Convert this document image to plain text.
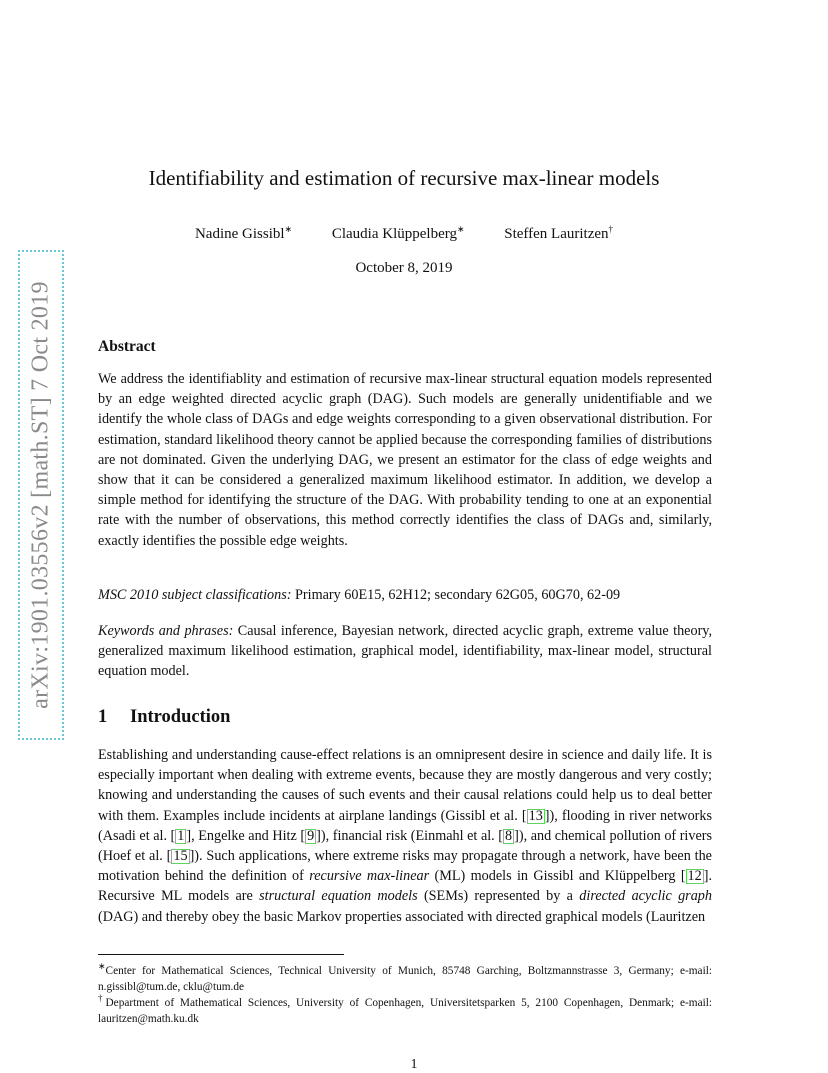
arXiv:1901.03556v2 [math.ST] 7 Oct 2019
Identifiability and estimation of recursive max-linear models
Nadine Gissibl∗	Claudia Klüppelberg∗	Steffen Lauritzen†
October 8, 2019
Abstract
We address the identifiablity and estimation of recursive max-linear structural equation models represented by an edge weighted directed acyclic graph (DAG). Such models are generally unidentifiable and we identify the whole class of DAGs and edge weights corresponding to a given observational distribution. For estimation, standard likelihood theory cannot be applied because the corresponding families of distributions are not dominated. Given the underlying DAG, we present an estimator for the class of edge weights and show that it can be considered a generalized maximum likelihood estimator. In addition, we develop a simple method for identifying the structure of the DAG. With probability tending to one at an exponential rate with the number of observations, this method correctly identifies the class of DAGs and, similarly, exactly identifies the possible edge weights.
MSC 2010 subject classifications: Primary 60E15, 62H12; secondary 62G05, 60G70, 62-09
Keywords and phrases: Causal inference, Bayesian network, directed acyclic graph, extreme value theory, generalized maximum likelihood estimation, graphical model, identifiability, max-linear model, structural equation model.
1 Introduction
Establishing and understanding cause-effect relations is an omnipresent desire in science and daily life. It is especially important when dealing with extreme events, because they are mostly dangerous and very costly; knowing and understanding the causes of such events and their causal relations could help us to deal better with them. Examples include incidents at airplane landings (Gissibl et al. [ 13 ]), flooding in river networks (Asadi et al. [ 1 ], Engelke and Hitz [ 9 ]), financial risk (Einmahl et al. [ 8 ]), and chemical pollution of rivers (Hoef et al. [ 15 ]). Such applications, where extreme risks may propagate through a network, have been the motivation behind the definition of recursive max-linear (ML) models in Gissibl and Klüppelberg [ 12 ]. Recursive ML models are structural equation models (SEMs) represented by a directed acyclic graph (DAG) and thereby obey the basic Markov properties associated with directed graphical models (Lauritzen
∗Center for Mathematical Sciences, Technical University of Munich, 85748 Garching, Boltzmannstrasse 3, Germany; e-mail: n.gissibl@tum.de, cklu@tum.de
†Department of Mathematical Sciences, University of Copenhagen, Universitetsparken 5, 2100 Copenhagen, Denmark; e-mail: lauritzen@math.ku.dk
1
